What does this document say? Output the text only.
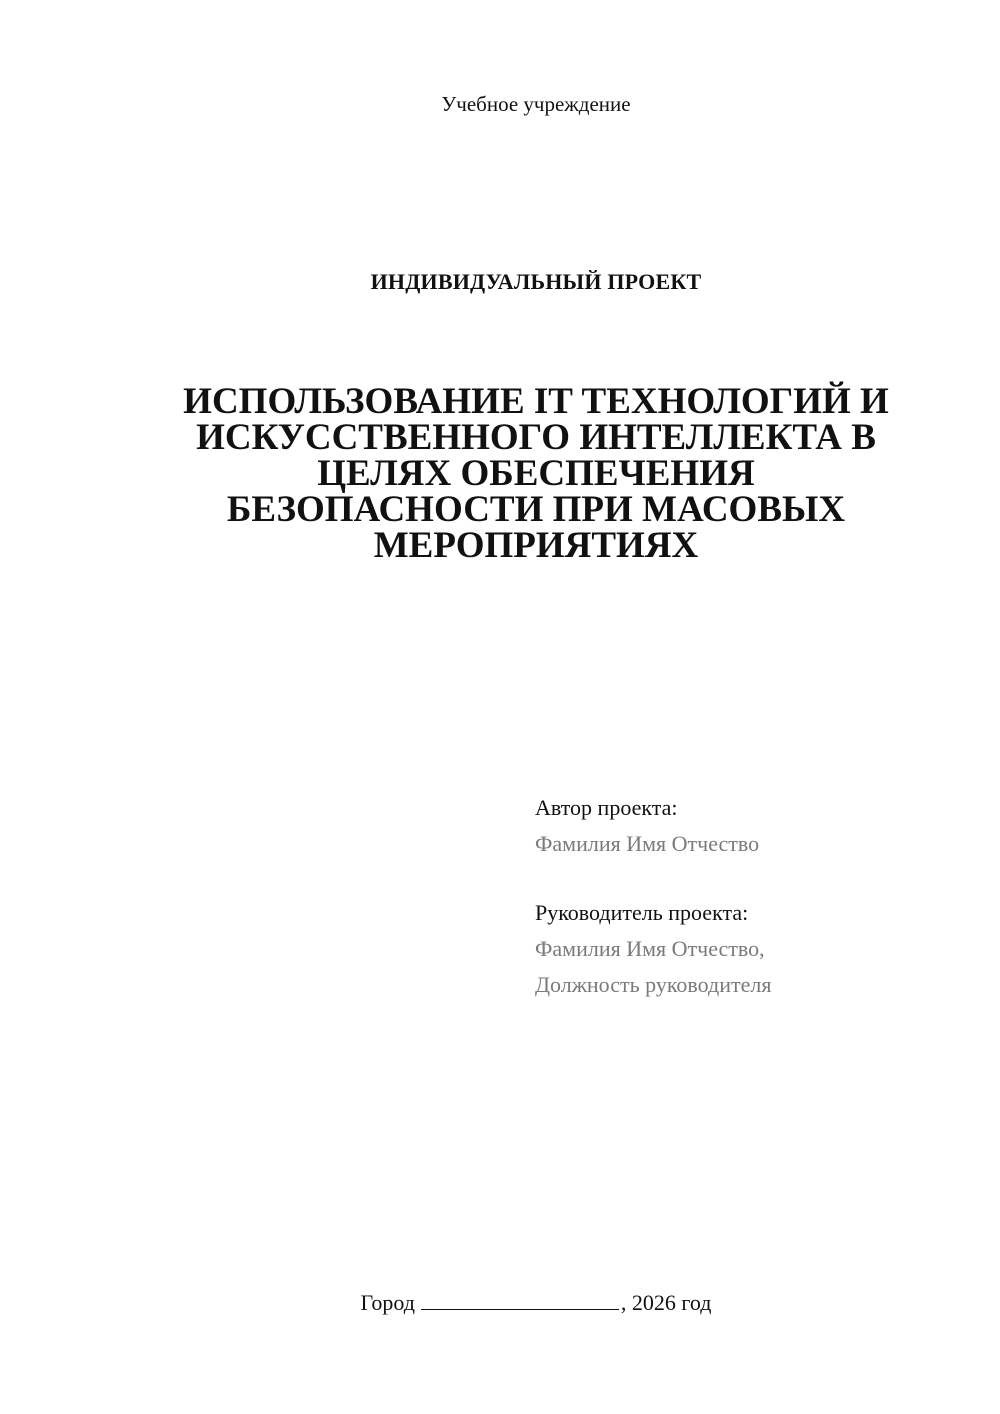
Учебное учреждение
ИНДИВИДУАЛЬНЫЙ ПРОЕКТ
ИСПОЛЬЗОВАНИЕ IT ТЕХНОЛОГИЙ И
ИСКУССТВЕННОГО ИНТЕЛЛЕКТА В
ЦЕЛЯХ ОБЕСПЕЧЕНИЯ
БЕЗОПАСНОСТИ ПРИ МАСОВЫХ
МЕРОПРИЯТИЯХ
Автор проекта:
Фамилия Имя Отчество
Руководитель проекта:
Фамилия Имя Отчество,
Должность руководителя
Город	, 2026 год
